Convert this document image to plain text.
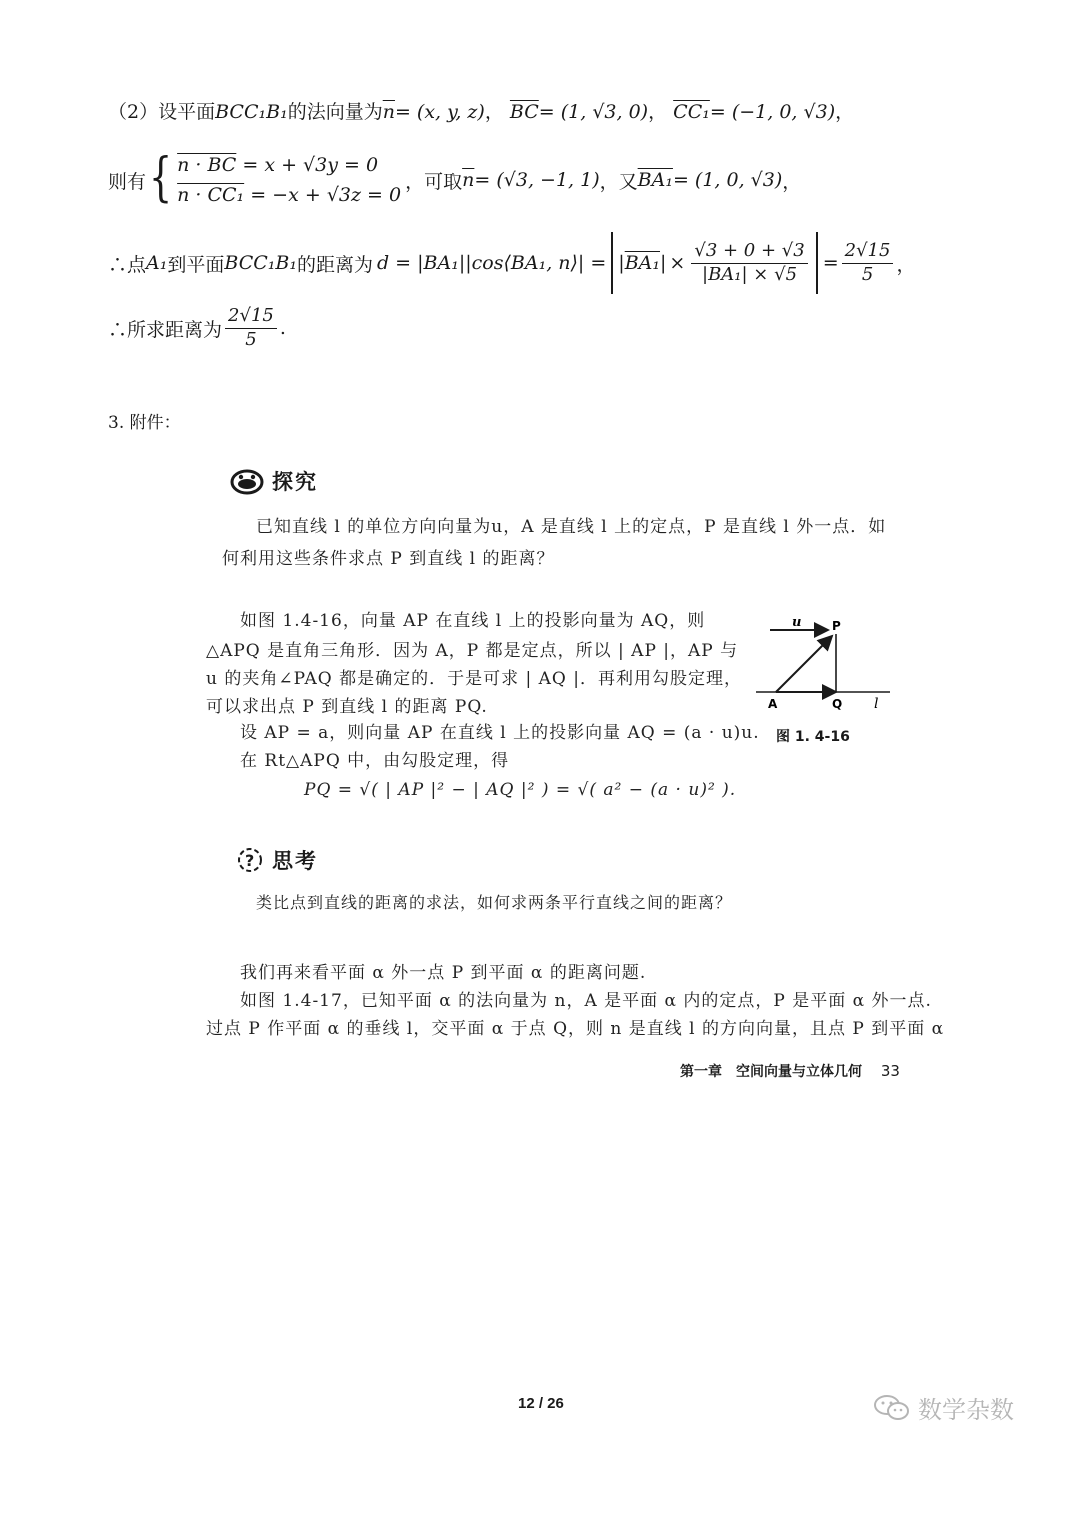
（2）设平面BCC₁B₁的法向量为$\overline{n}= (x$, y, z)， $\overline{BC}= (1$, √3, 0)， CC₁= (−1, 0, √3)，
则有 { n · BC = x + √3y = 0
n · CC₁ = −x + √3z = 0
，可取 $\overline{n} = (√3$, −1, 1) ，又 BA₁ = (1, 0, √3) ，
∴点 A₁ 到平面 BCC₁B₁ 的距离为 d = |BA₁||cos⟨BA₁, n⟩| = $|BA_1| \times \frac{√3 + 0 + √3}{\text{|BA₁| × √5}} = \frac{2√15}{5}$ ，
∴所求距离为 $\frac{2√15}{5}$ .
3. 附件：
探究
已知直线 l 的单位方向向量为u，A 是直线 l 上的定点，P 是直线 l 外一点．如
何利用这些条件求点 P 到直线 l 的距离？
如图 1.4-16，向量 AP 在直线 l 上的投影向量为 AQ，则
△APQ 是直角三角形．因为 A，P 都是定点，所以 | AP |，AP 与
u 的夹角∠PAQ 都是确定的．于是可求 | AQ |．再利用勾股定理，
可以求出点 P 到直线 l 的距离 PQ.
设 AP = a，则向量 AP 在直线 l 上的投影向量 AQ = (a · u)u.
在 Rt△APQ 中，由勾股定理，得
PQ = √( | AP |² − | AQ |² ) = √( a² − (a · u)² ).
u	P
A	Q l
图 1. 4-16
? 思考
类比点到直线的距离的求法，如何求两条平行直线之间的距离？
我们再来看平面 α 外一点 P 到平面 α 的距离问题.
如图 1.4-17，已知平面 α 的法向量为 n，A 是平面 α 内的定点，P 是平面 α 外一点.
过点 P 作平面 α 的垂线 l，交平面 α 于点 Q，则 n 是直线 l 的方向向量，且点 P 到平面 α
第一章　空间向量与立体几何 33
12 / 26	数学杂数
